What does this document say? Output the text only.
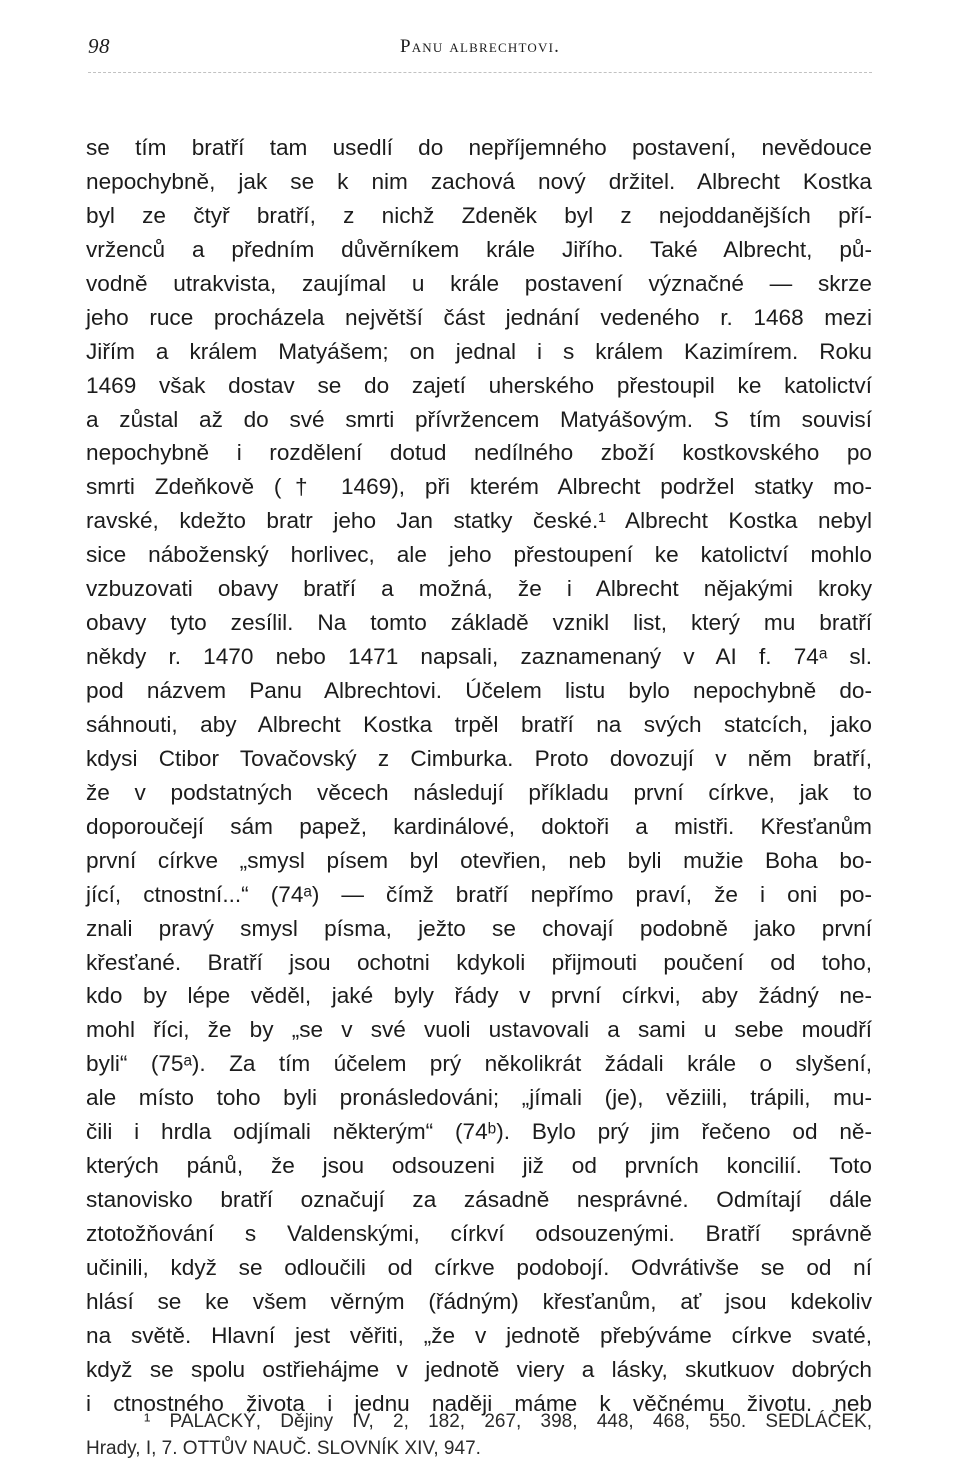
98	Panu albrechtovi.
se tím bratří tam usedlí do nepříjemného postavení, nevědouce
nepochybně, jak se k nim zachová nový držitel. Albrecht Kostka
byl ze čtyř bratří, z nichž Zdeněk byl z nejoddanějších pří-
vrženců a předním důvěrníkem krále Jiřího. Také Albrecht, pů-
vodně utrakvista, zaujímal u krále postavení význačné — skrze
jeho ruce procházela největší část jednání vedeného r. 1468 mezi
Jiřím a králem Matyášem; on jednal i s králem Kazimírem. Roku
1469 však dostav se do zajetí uherského přestoupil ke katolictví
a zůstal až do své smrti přívržencem Matyášovým. S tím souvisí
nepochybně i rozdělení dotud nedílného zboží kostkovského po
smrti Zdeňkově († 1469), při kterém Albrecht podržel statky mo-
ravské, kdežto bratr jeho Jan statky české.¹ Albrecht Kostka nebyl
sice náboženský horlivec, ale jeho přestoupení ke katolictví mohlo
vzbuzovati obavy bratří a možná, že i Albrecht nějakými kroky
obavy tyto zesílil. Na tomto základě vznikl list, který mu bratří
někdy r. 1470 nebo 1471 napsali, zaznamenaný v AI f. 74ᵃ sl.
pod názvem Panu Albrechtovi. Účelem listu bylo nepochybně do-
sáhnouti, aby Albrecht Kostka trpěl bratří na svých statcích, jako
kdysi Ctibor Tovačovský z Cimburka. Proto dovozují v něm bratří,
že v podstatných věcech následují příkladu první církve, jak to
doporoučejí sám papež, kardinálové, doktoři a mistři. Křesťanům
první církve „smysl písem byl otevřien, neb byli mužie Boha bo-
jící, ctnostní...“ (74ᵃ) — čímž bratří nepřímo praví, že i oni po-
znali pravý smysl písma, ježto se chovají podobně jako první
křesťané. Bratří jsou ochotni kdykoli přijmouti poučení od toho,
kdo by lépe věděl, jaké byly řády v první církvi, aby žádný ne-
mohl říci, že by „se v své vuoli ustavovali a sami u sebe moudří
byli“ (75ᵃ). Za tím účelem prý několikrát žádali krále o slyšení,
ale místo toho byli pronásledováni; „jímali (je), věziili, trápili, mu-
čili i hrdla odjímali některým“ (74ᵇ). Bylo prý jim řečeno od ně-
kterých pánů, že jsou odsouzeni již od prvních koncilií. Toto
stanovisko bratří označují za zásadně nesprávné. Odmítají dále
ztotožňování s Valdenskými, církví odsouzenými. Bratří správně
učinili, když se odloučili od církve podobojí. Odvrátivše se od ní
hlásí se ke všem věrným (řádným) křesťanům, ať jsou kdekoliv
na světě. Hlavní jest věřiti, „že v jednotě přebýváme církve svaté,
když se spolu ostřiehájme v jednotě viery a lásky, skutkuov dobrých
i ctnostného života i jednu naději máme k věčnému životu. neb
¹ PALACKÝ, Dějiny IV, 2, 182, 267, 398, 448, 468, 550. SEDLÁČEK,
Hrady, I, 7. OTTŮV NAUČ. SLOVNÍK XIV, 947.
